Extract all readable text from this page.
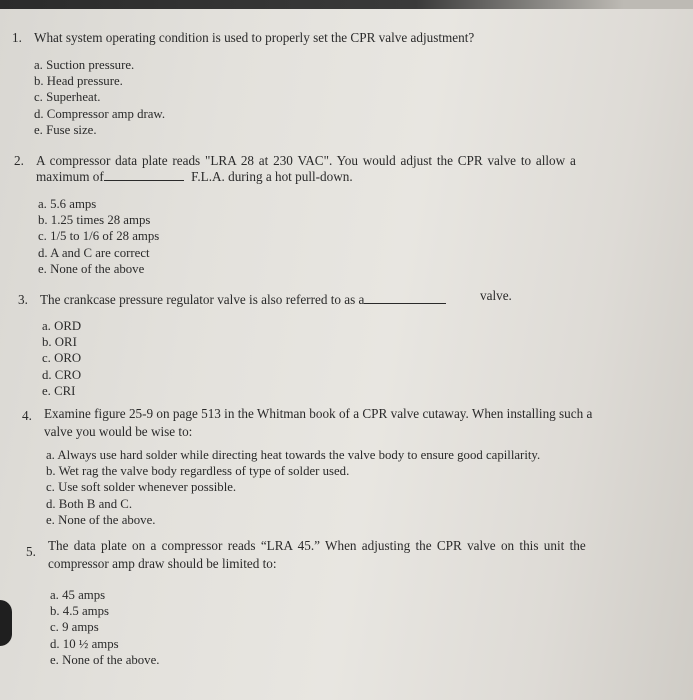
1. What system operating condition is used to properly set the CPR valve adjustment?
a. Suction pressure.
b. Head pressure.
c. Superheat.
d. Compressor amp draw.
e. Fuse size.
2. A compressor data plate reads "LRA 28 at 230 VAC". You would adjust the CPR valve to allow a
maximum of	F.L.A. during a hot pull-down.
a. 5.6 amps
b. 1.25 times 28 amps
c. 1/5 to 1/6 of 28 amps
d. A and C are correct
e. None of the above
3. The crankcase pressure regulator valve is also referred to as a	valve.
a. ORD
b. ORI
c. ORO
d. CRO
e. CRI
4. Examine figure 25-9 on page 513 in the Whitman book of a CPR valve cutaway. When installing such a
valve you would be wise to:
a. Always use hard solder while directing heat towards the valve body to ensure good capillarity.
b. Wet rag the valve body regardless of type of solder used.
c. Use soft solder whenever possible.
d. Both B and C.
e. None of the above.
5. The data plate on a compressor reads “LRA 45.” When adjusting the CPR valve on this unit the
compressor amp draw should be limited to:
a. 45 amps
b. 4.5 amps
c. 9 amps
d. 10 ½ amps
e. None of the above.
